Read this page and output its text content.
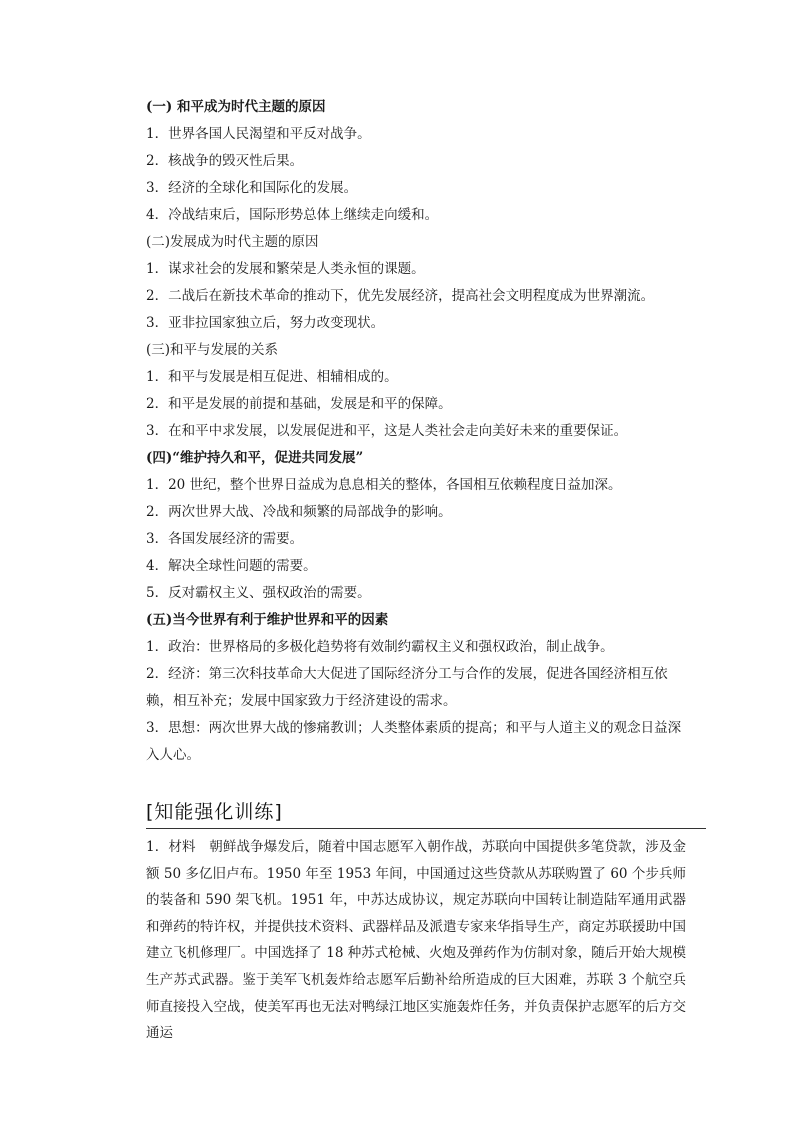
(一) 和平成为时代主题的原因
1．世界各国人民渴望和平反对战争。
2．核战争的毁灭性后果。
3．经济的全球化和国际化的发展。
4．冷战结束后，国际形势总体上继续走向缓和。
(二)发展成为时代主题的原因
1．谋求社会的发展和繁荣是人类永恒的课题。
2．二战后在新技术革命的推动下，优先发展经济，提高社会文明程度成为世界潮流。
3．亚非拉国家独立后，努力改变现状。
(三)和平与发展的关系
1．和平与发展是相互促进、相辅相成的。
2．和平是发展的前提和基础，发展是和平的保障。
3．在和平中求发展，以发展促进和平，这是人类社会走向美好未来的重要保证。
(四)“维护持久和平，促进共同发展”
1．20 世纪，整个世界日益成为息息相关的整体，各国相互依赖程度日益加深。
2．两次世界大战、冷战和频繁的局部战争的影响。
3．各国发展经济的需要。
4．解决全球性问题的需要。
5．反对霸权主义、强权政治的需要。
(五)当今世界有利于维护世界和平的因素
1．政治：世界格局的多极化趋势将有效制约霸权主义和强权政治，制止战争。
2．经济：第三次科技革命大大促进了国际经济分工与合作的发展，促进各国经济相互依赖，相互补充；发展中国家致力于经济建设的需求。
3．思想：两次世界大战的惨痛教训；人类整体素质的提高；和平与人道主义的观念日益深入人心。
[知能强化训练]
1．材料　朝鲜战争爆发后，随着中国志愿军入朝作战，苏联向中国提供多笔贷款，涉及金额 50 多亿旧卢布。1950 年至 1953 年间，中国通过这些贷款从苏联购置了 60 个步兵师的装备和 590 架飞机。1951 年，中苏达成协议，规定苏联向中国转让制造陆军通用武器和弹药的特许权，并提供技术资料、武器样品及派遣专家来华指导生产，商定苏联援助中国建立飞机修理厂。中国选择了 18 种苏式枪械、火炮及弹药作为仿制对象，随后开始大规模生产苏式武器。鉴于美军飞机轰炸给志愿军后勤补给所造成的巨大困难，苏联 3 个航空兵师直接投入空战，使美军再也无法对鸭绿江地区实施轰炸任务，并负责保护志愿军的后方交通运
